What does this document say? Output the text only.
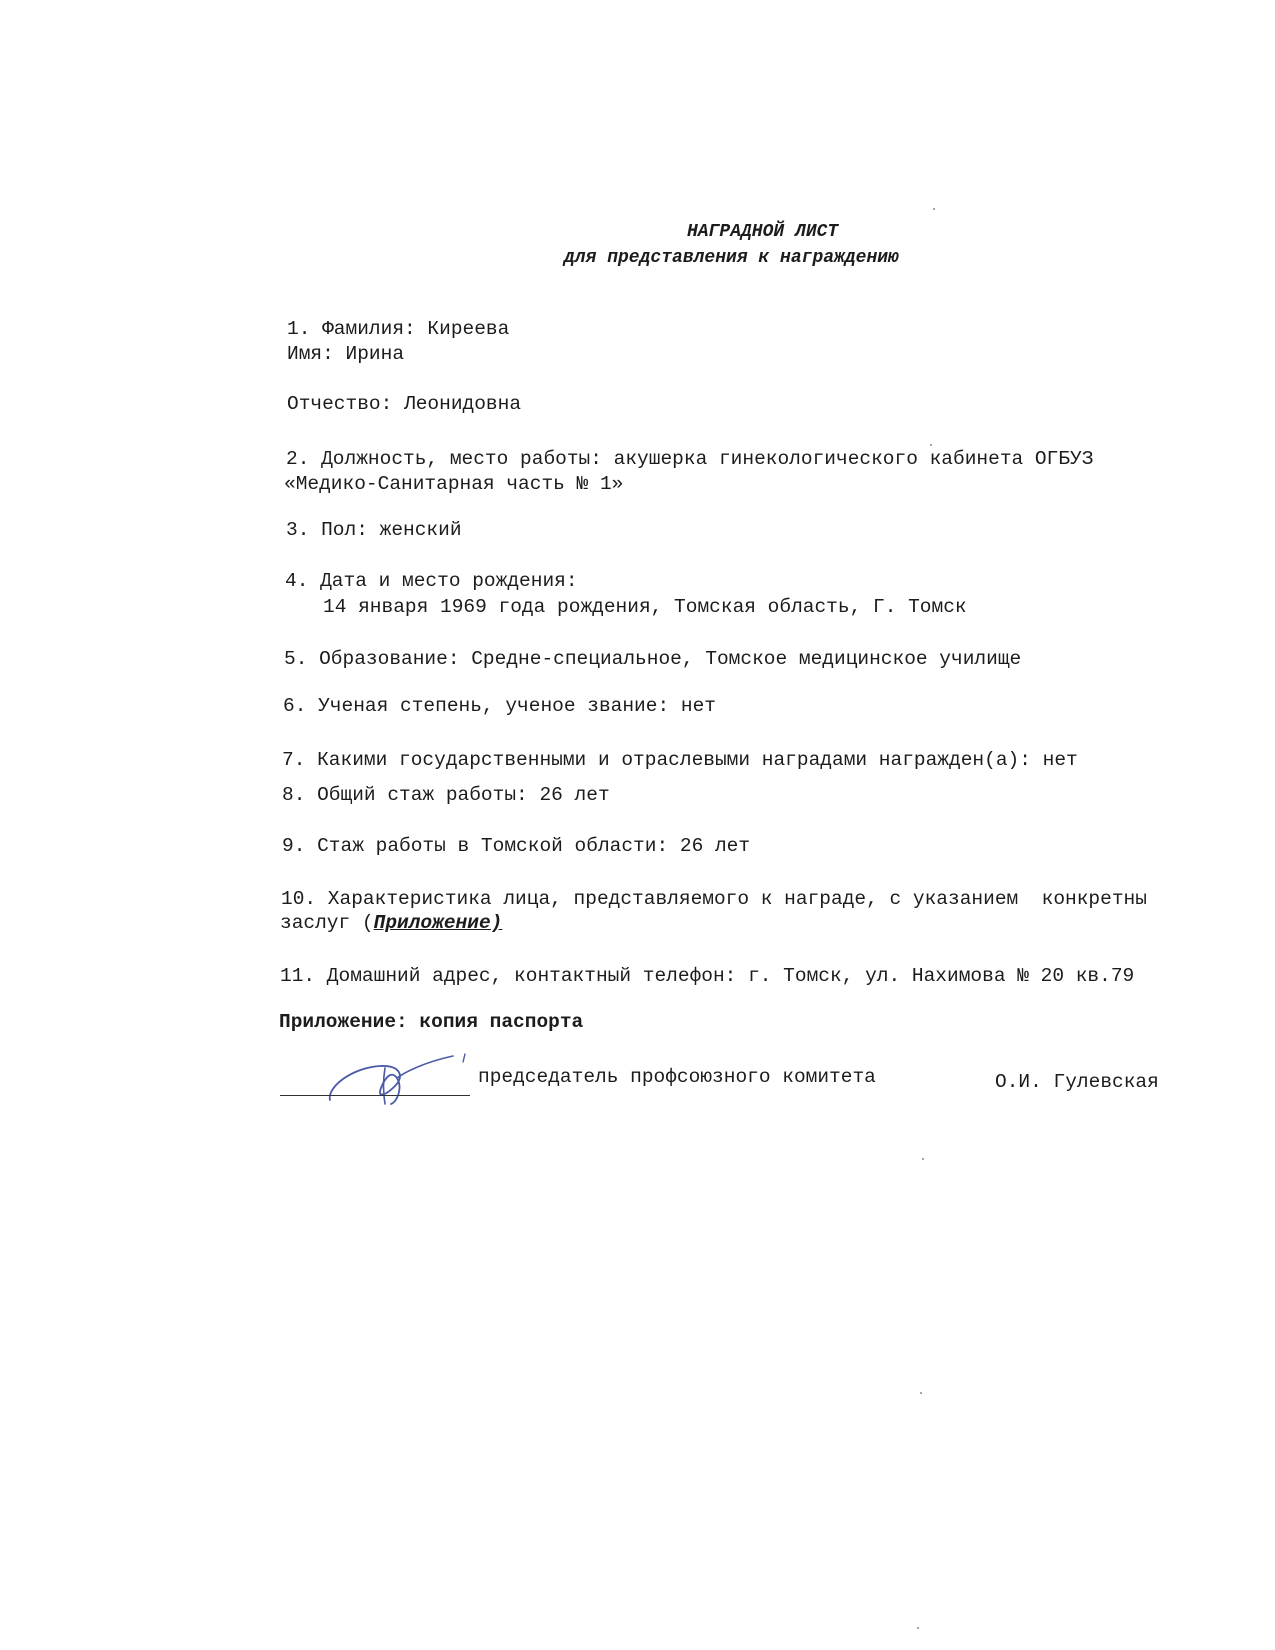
НАГРАДНОЙ ЛИСТ
для представления к награждению
1. Фамилия: Киреева
Имя: Ирина
Отчество: Леонидовна
2. Должность, место работы: акушерка гинекологического кабинета ОГБУЗ
«Медико-Санитарная часть № 1»
3. Пол: женский
4. Дата и место рождения:
14 января 1969 года рождения, Томская область, Г. Томск
5. Образование: Средне-специальное, Томское медицинское училище
6. Ученая степень, ученое звание: нет
7. Какими государственными и отраслевыми наградами награжден(а): нет
8. Общий стаж работы: 26 лет
9. Стаж работы в Томской области: 26 лет
10. Характеристика лица, представляемого к награде, с указанием  конкретны
заслуг (Приложение)
11. Домашний адрес, контактный телефон: г. Томск, ул. Нахимова № 20 кв.79
Приложение: копия паспорта
председатель профсоюзного комитета	О.И. Гулевская
